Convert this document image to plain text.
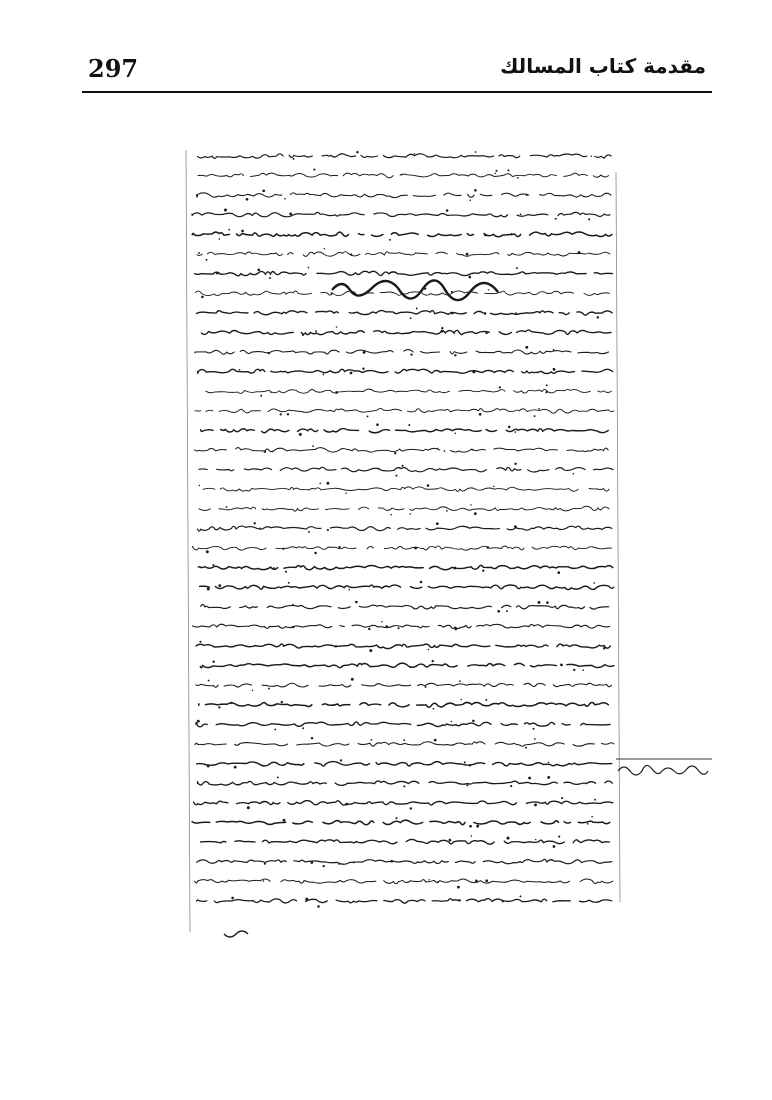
297	مقدمة كتاب المسالك
